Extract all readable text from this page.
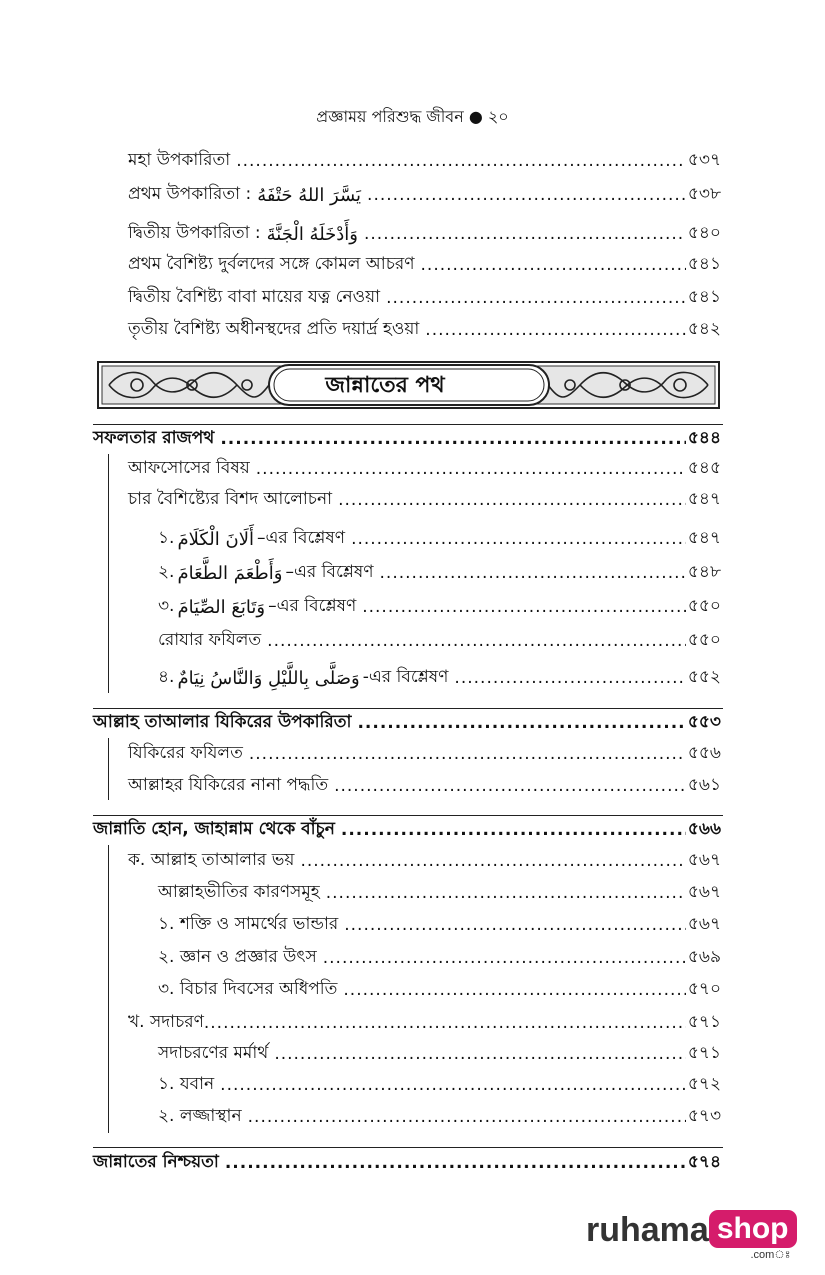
প্রজ্ঞাময় পরিশুদ্ধ জীবন ● ২০
মহা উপকারিতা .....	৫৩৭
প্রথম উপকারিতা : يَسَّرَ اللهُ حَتْفَهُ .....	৫৩৮
দ্বিতীয় উপকারিতা : وَأَدْخَلَهُ الْجَنَّةَ .....	৫৪০
প্রথম বৈশিষ্ট্য দুর্বলদের সঙ্গে কোমল আচরণ .....	৫৪১
দ্বিতীয় বৈশিষ্ট্য বাবা মায়ের যত্ন নেওয়া .....	৫৪১
তৃতীয় বৈশিষ্ট্য অধীনস্থদের প্রতি দয়ার্দ্র হওয়া .....	৫৪২
জান্নাতের পথ
সফলতার রাজপথ .....	৫৪৪
আফসোসের বিষয় .....	৫৪৫
চার বৈশিষ্ট্যের বিশদ আলোচনা .....	৫৪৭
১. أَلَانَ الْكَلَامَ –এর বিশ্লেষণ .....	৫৪৭
২. وَأَطْعَمَ الطَّعَامَ –এর বিশ্লেষণ .....	৫৪৮
৩. وَتَابَعَ الصِّيَامَ –এর বিশ্লেষণ .....	৫৫০
রোযার ফযিলত .....	৫৫০
৪. وَصَلَّى بِاللَّيْلِ وَالنَّاسُ نِيَامٌ -এর বিশ্লেষণ .....	৫৫২
আল্লাহ তাআলার যিকিরের উপকারিতা .....	৫৫৩
যিকিরের ফযিলত .....	৫৫৬
আল্লাহর যিকিরের নানা পদ্ধতি .....	৫৬১
জান্নাতি হোন, জাহান্নাম থেকে বাঁচুন .....	৫৬৬
ক. আল্লাহ তাআলার ভয় .....	৫৬৭
আল্লাহভীতির কারণসমূহ .....	৫৬৭
১. শক্তি ও সামর্থের ভান্ডার .....	৫৬৭
২. জ্ঞান ও প্রজ্ঞার উৎস .....	৫৬৯
৩. বিচার দিবসের অধিপতি .....	৫৭০
খ. সদাচরণ .....	৫৭১
সদাচরণের মর্মার্থ .....	৫৭১
১. যবান .....	৫৭২
২. লজ্জাস্থান .....	৫৭৩
জান্নাতের নিশ্চয়তা .....	৫৭৪
ruhama shop
.comঃ
